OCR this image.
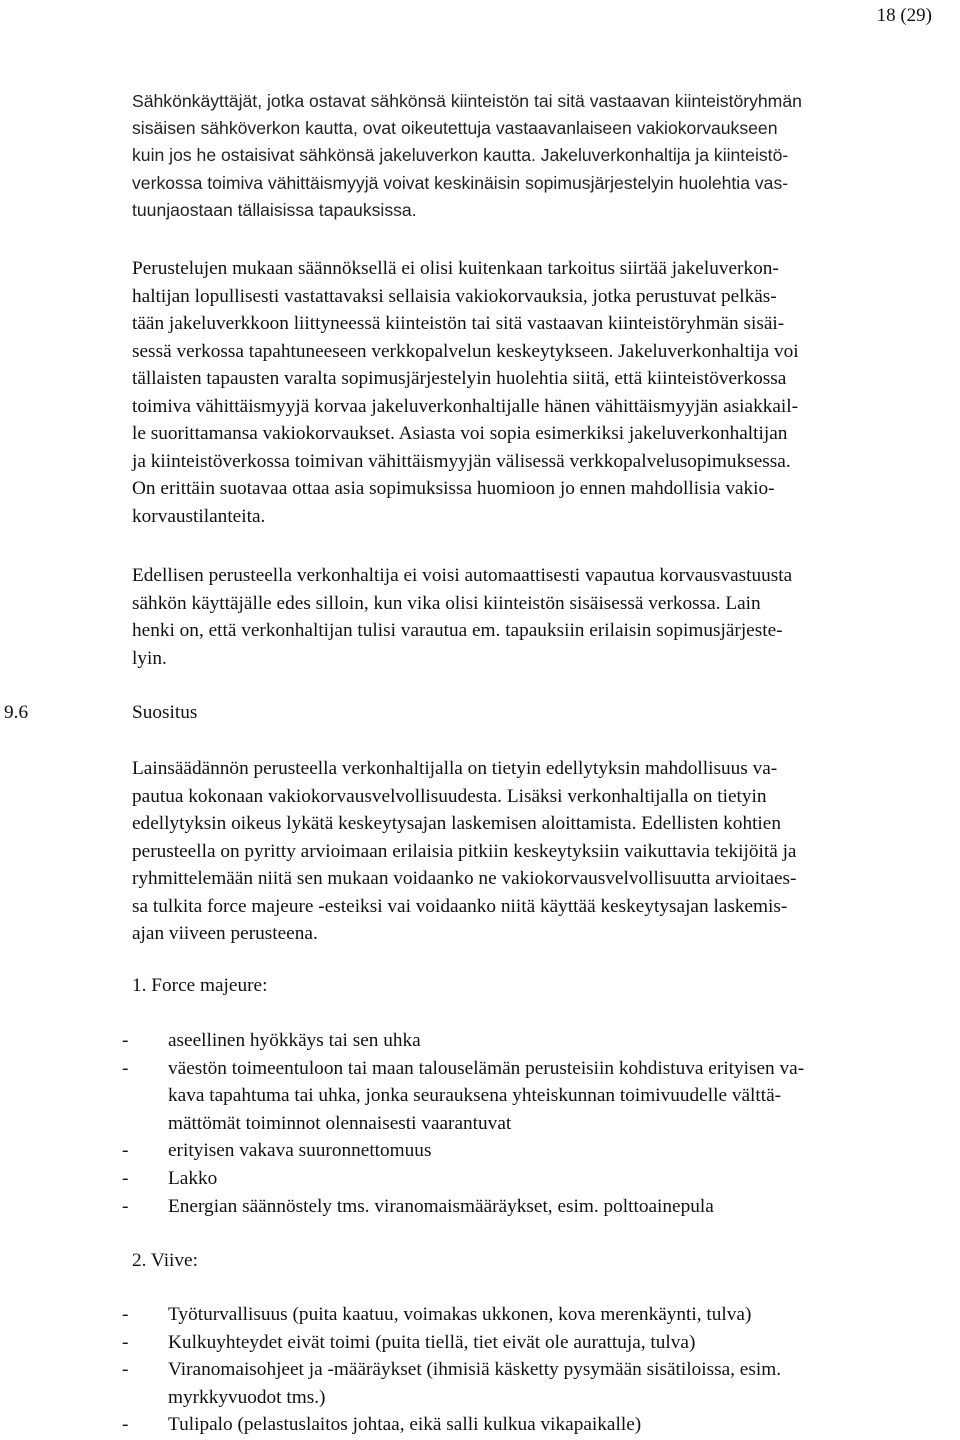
18 (29)

Sähkönkäyttäjät, jotka ostavat sähkönsä kiinteistön tai sitä vastaavan kiinteistöryhmän
sisäisen sähköverkon kautta, ovat oikeutettuja vastaavanlaiseen vakiokorvaukseen
kuin jos he ostaisivat sähkönsä jakeluverkon kautta. Jakeluverkonhaltija ja kiinteistö-
verkossa toimiva vähittäismyyjä voivat keskinäisin sopimusjärjestelyin huolehtia vas-
tuunjaostaan tällaisissa tapauksissa.

Perustelujen mukaan säännöksellä ei olisi kuitenkaan tarkoitus siirtää jakeluverkon-
haltijan lopullisesti vastattavaksi sellaisia vakiokorvauksia, jotka perustuvat pelkäs-
tään jakeluverkkoon liittyneessä kiinteistön tai sitä vastaavan kiinteistöryhmän sisäi-
sessä verkossa tapahtuneeseen verkkopalvelun keskeytykseen. Jakeluverkonhaltija voi
tällaisten tapausten varalta sopimusjärjestelyin huolehtia siitä, että kiinteistöverkossa
toimiva vähittäismyyjä korvaa jakeluverkonhaltijalle hänen vähittäismyyjän asiakkail-
le suorittamansa vakiokorvaukset. Asiasta voi sopia esimerkiksi jakeluverkonhaltijan
ja kiinteistöverkossa toimivan vähittäismyyjän välisessä verkkopalvelusopimuksessa.
On erittäin suotavaa ottaa asia sopimuksissa huomioon jo ennen mahdollisia vakio-
korvaustilanteita.

Edellisen perusteella verkonhaltija ei voisi automaattisesti vapautua korvausvastuusta
sähkön käyttäjälle edes silloin, kun vika olisi kiinteistön sisäisessä verkossa. Lain
henki on, että verkonhaltijan tulisi varautua em. tapauksiin erilaisin sopimusjärjeste-
lyin.

9.6	Suositus

Lainsäädännön perusteella verkonhaltijalla on tietyin edellytyksin mahdollisuus va-
pautua kokonaan vakiokorvausvelvollisuudesta. Lisäksi verkonhaltijalla on tietyin
edellytyksin oikeus lykätä keskeytysajan laskemisen aloittamista. Edellisten kohtien
perusteella on pyritty arvioimaan erilaisia pitkiin keskeytyksiin vaikuttavia tekijöitä ja
ryhmittelemään niitä sen mukaan voidaanko ne vakiokorvausvelvollisuutta arvioitaes-
sa tulkita force majeure -esteiksi vai voidaanko niitä käyttää keskeytysajan laskemis-
ajan viiveen perusteena.

1. Force majeure:
- aseellinen hyökkäys tai sen uhka
- väestön toimeentuloon tai maan talouselämän perusteisiin kohdistuva erityisen va-
kava tapahtuma tai uhka, jonka seurauksena yhteiskunnan toimivuudelle välttä-
mättömät toiminnot olennaisesti vaarantuvat
- erityisen vakava suuronnettomuus
- Lakko
- Energian säännöstely tms. viranomaismääräykset, esim. polttoainepula
2. Viive:
- Työturvallisuus (puita kaatuu, voimakas ukkonen, kova merenkäynti, tulva)
- Kulkuyhteydet eivät toimi (puita tiellä, tiet eivät ole aurattuja, tulva)
- Viranomaisohjeet ja -määräykset (ihmisiä käsketty pysymään sisätiloissa, esim.
myrkkyvuodot tms.)
- Tulipalo (pelastuslaitos johtaa, eikä salli kulkua vikapaikalle)
